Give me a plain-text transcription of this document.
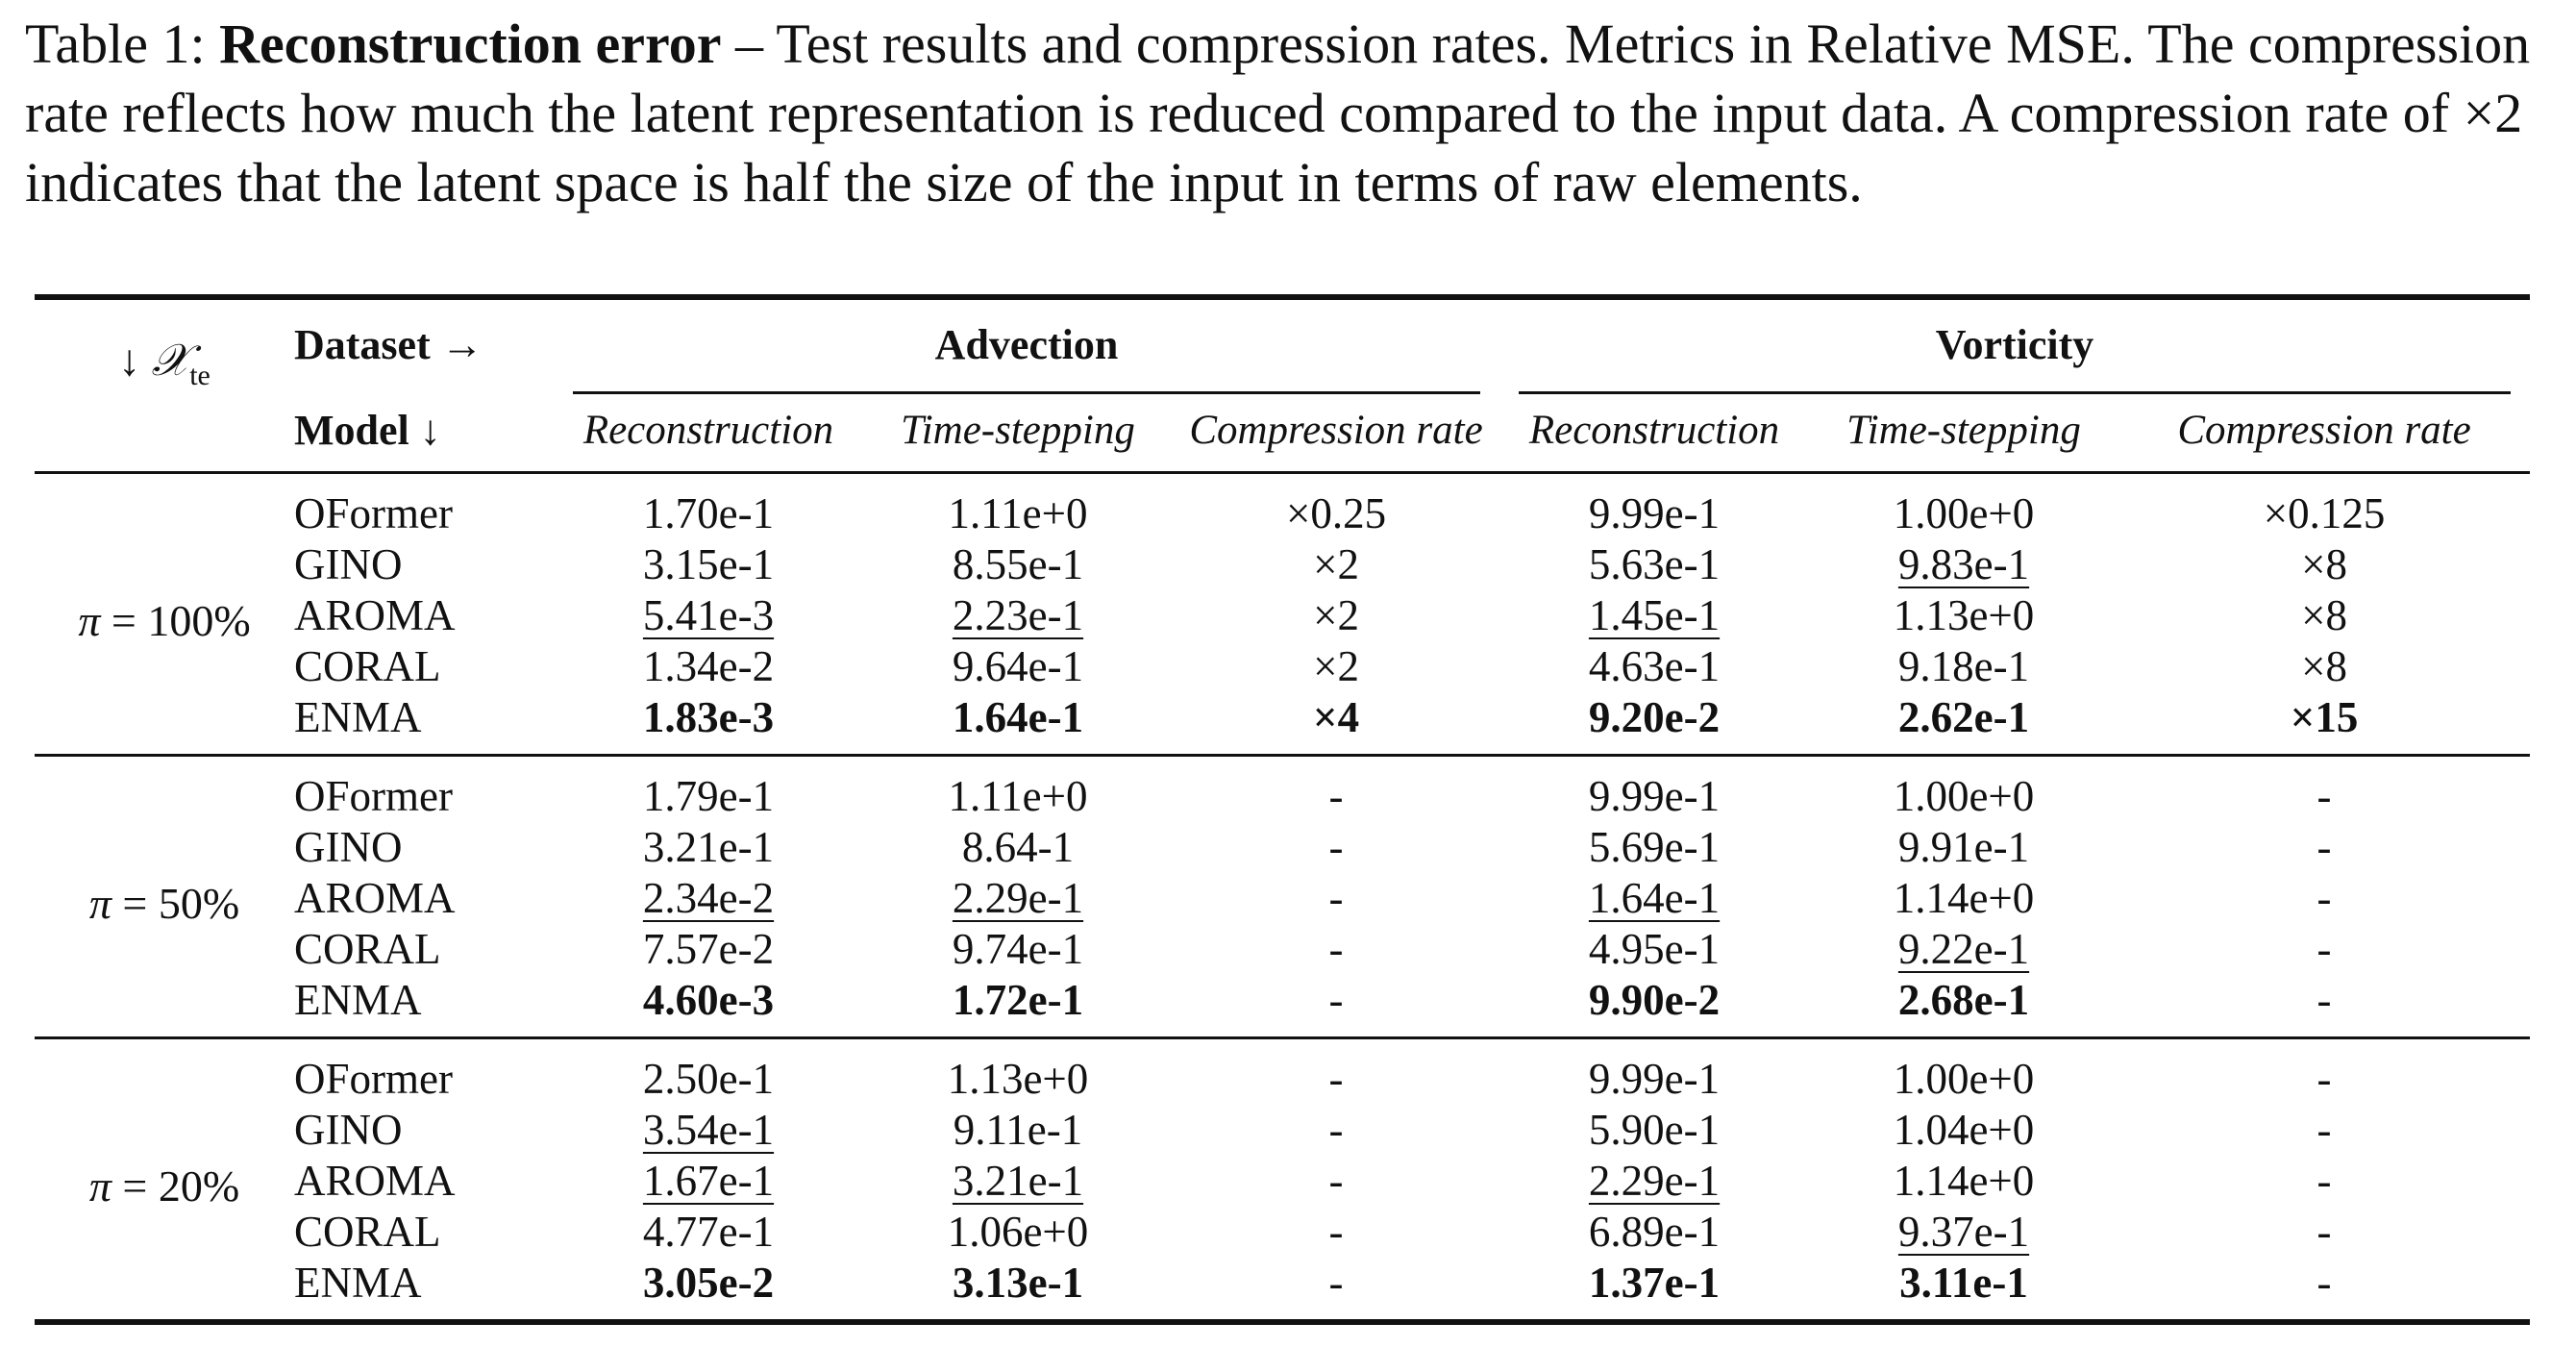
Table 1: Reconstruction error – Test results and compression rates. Metrics in Relative MSE. The compression rate reflects how much the latent representation is reduced compared to the input data. A compression rate of ×2 indicates that the latent space is half the size of the input in terms of raw elements.
↓ 𝒳$_{te}$	Dataset →	Advection			Vorticity		

	Model ↓	Reconstruction	Time-stepping	Compression rate	Reconstruction	Time-stepping	Compression rate
π = 100%	OFormer	1.70e-1	1.11e+0	×0.25	9.99e-1	1.00e+0	×0.125
	GINO	3.15e-1	8.55e-1	×2	5.63e-1	9.83e-1	×8
	AROMA	5.41e-3	2.23e-1	×2	1.45e-1	1.13e+0	×8
	CORAL	1.34e-2	9.64e-1	×2	4.63e-1	9.18e-1	×8
	ENMA	1.83e-3	1.64e-1	×4	9.20e-2	2.62e-1	×15
π = 50%	OFormer	1.79e-1	1.11e+0	-	9.99e-1	1.00e+0	-
	GINO	3.21e-1	8.64-1	-	5.69e-1	9.91e-1	-
	AROMA	2.34e-2	2.29e-1	-	1.64e-1	1.14e+0	-
	CORAL	7.57e-2	9.74e-1	-	4.95e-1	9.22e-1	-
	ENMA	4.60e-3	1.72e-1	-	9.90e-2	2.68e-1	-
π = 20%	OFormer	2.50e-1	1.13e+0	-	9.99e-1	1.00e+0	-
	GINO	3.54e-1	9.11e-1	-	5.90e-1	1.04e+0	-
	AROMA	1.67e-1	3.21e-1	-	2.29e-1	1.14e+0	-
	CORAL	4.77e-1	1.06e+0	-	6.89e-1	9.37e-1	-
	ENMA	3.05e-2	3.13e-1	-	1.37e-1	3.11e-1	-
